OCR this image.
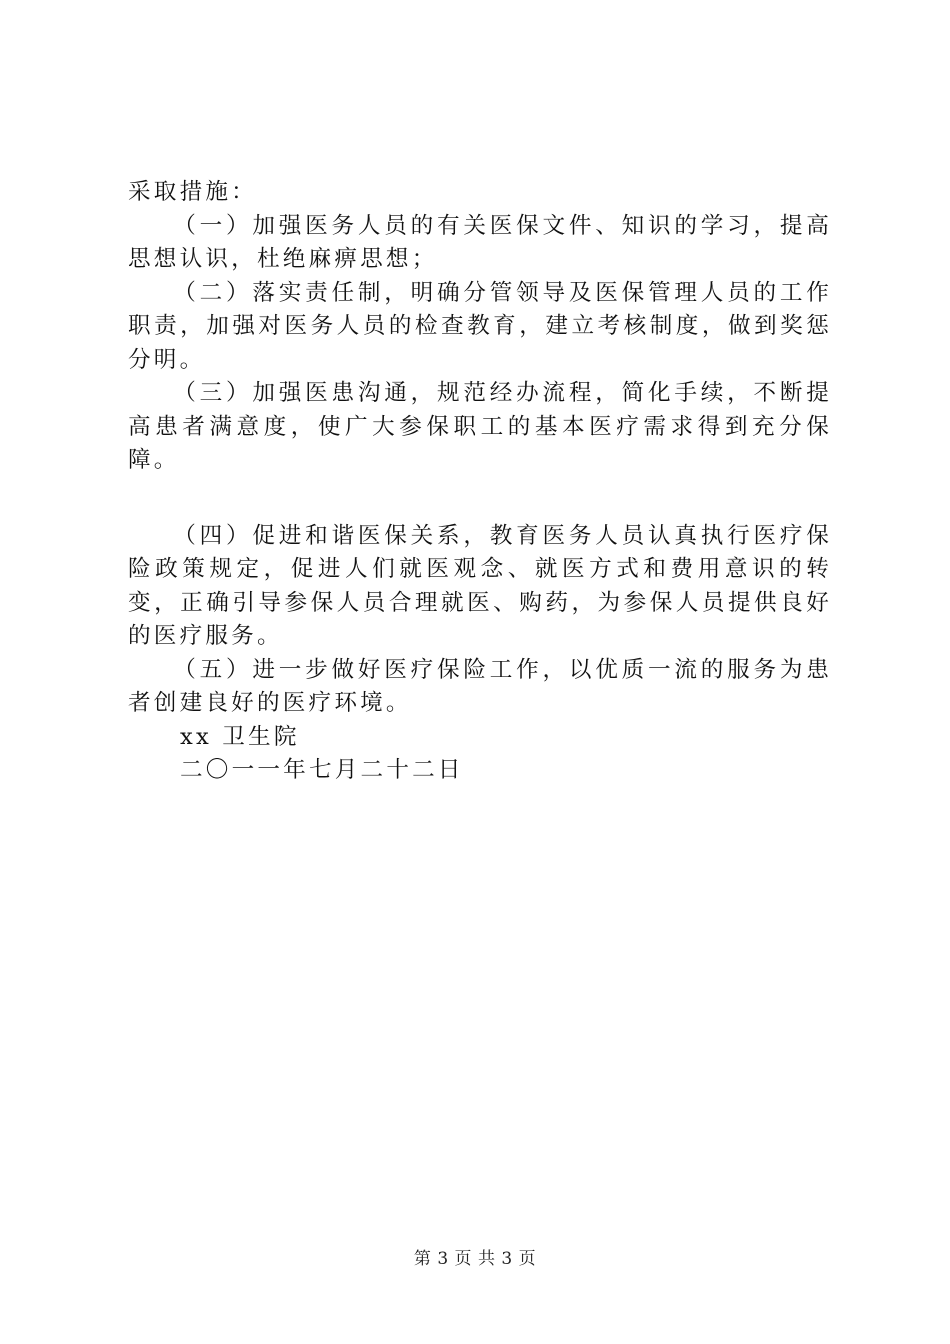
采取措施：

（一）加强医务人员的有关医保文件、知识的学习，提高思想认识，杜绝麻痹思想；

（二）落实责任制，明确分管领导及医保管理人员的工作职责，加强对医务人员的检查教育，建立考核制度，做到奖惩分明。

（三）加强医患沟通，规范经办流程，简化手续，不断提高患者满意度，使广大参保职工的基本医疗需求得到充分保障。

（四）促进和谐医保关系，教育医务人员认真执行医疗保险政策规定，促进人们就医观念、就医方式和费用意识的转变，正确引导参保人员合理就医、购药，为参保人员提供良好的医疗服务。

（五）进一步做好医疗保险工作，以优质一流的服务为患者创建良好的医疗环境。

xx 卫生院

二〇一一年七月二十二日

第 3 页 共 3 页
